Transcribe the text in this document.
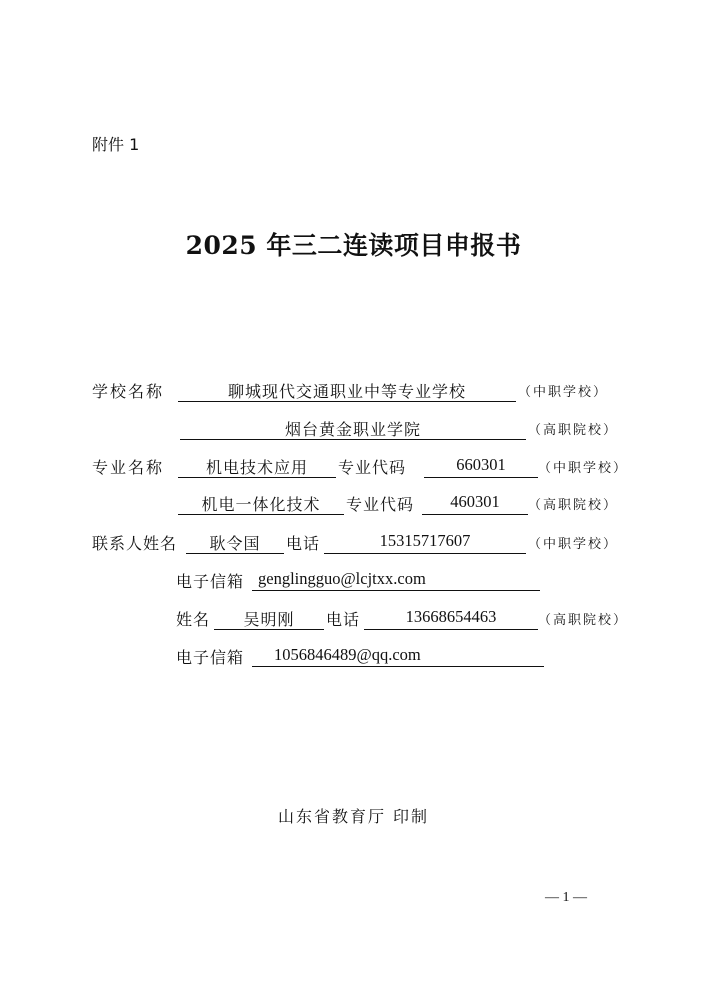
附件 1
2025 年三二连读项目申报书
学校名称	聊城现代交通职业中等专业学校	（中职学校）
烟台黄金职业学院	（高职院校）
专业名称	机电技术应用	专业代码	660301	（中职学校）
机电一体化技术	专业代码	460301	（高职院校）
联系人姓名	耿令国	电话	15315717607	（中职学校）
电子信箱 genglingguo@lcjtxx.com
姓名	吴明刚	电话	13668654463	（高职院校）
电子信箱	1056846489@qq.com
山东省教育厅 印制
— 1 —
